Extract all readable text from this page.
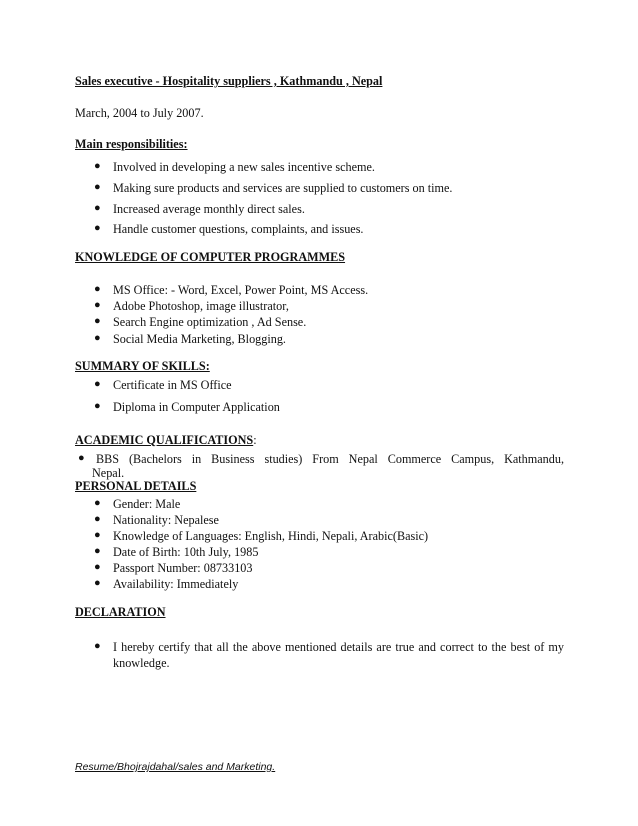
Sales executive - Hospitality suppliers , Kathmandu , Nepal
March, 2004 to July 2007.
Main responsibilities:
● Involved in developing a new sales incentive scheme.
● Making sure products and services are supplied to customers on time.
● Increased average monthly direct sales.
● Handle customer questions, complaints, and issues.
KNOWLEDGE OF COMPUTER PROGRAMMES
● MS Office: - Word, Excel, Power Point, MS Access.
● Adobe Photoshop, image illustrator,
● Search Engine optimization , Ad Sense.
● Social Media Marketing, Blogging.
SUMMARY OF SKILLS:
● Certificate in MS Office
● Diploma in Computer Application
ACADEMIC QUALIFICATIONS:
● BBS (Bachelors in Business studies) From Nepal Commerce Campus, Kathmandu,
Nepal.
PERSONAL DETAILS
● Gender: Male
● Nationality: Nepalese
● Knowledge of Languages: English, Hindi, Nepali, Arabic(Basic)
● Date of Birth: 10th July, 1985
● Passport Number: 08733103
● Availability: Immediately
DECLARATION
● I hereby certify that all the above mentioned details are true and correct to the best of my
knowledge.
Resume/Bhojrajdahal/sales and Marketing.
